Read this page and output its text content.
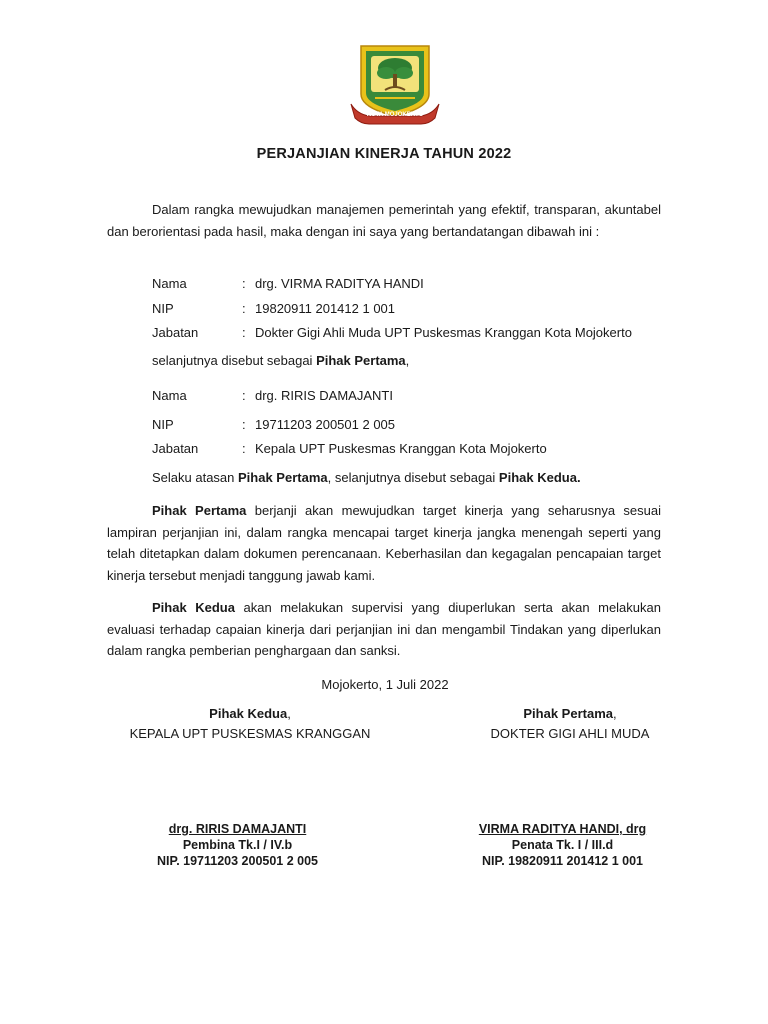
KOTA MOJOKERTO
PERJANJIAN KINERJA TAHUN 2022
Dalam rangka mewujudkan manajemen pemerintah yang efektif, transparan, akuntabel dan berorientasi pada hasil, maka dengan ini saya yang bertandatangan dibawah ini :
Nama	: drg. VIRMA RADITYA HANDI
NIP	: 19820911 201412 1 001
Jabatan	: Dokter Gigi Ahli Muda UPT Puskesmas Kranggan Kota Mojokerto
selanjutnya disebut sebagai Pihak Pertama,
Nama	: drg. RIRIS DAMAJANTI
NIP	: 19711203 200501 2 005
Jabatan	: Kepala UPT Puskesmas Kranggan Kota Mojokerto
Selaku atasan Pihak Pertama, selanjutnya disebut sebagai Pihak Kedua.
Pihak Pertama berjanji akan mewujudkan target kinerja yang seharusnya sesuai lampiran perjanjian ini, dalam rangka mencapai target kinerja jangka menengah seperti yang telah ditetapkan dalam dokumen perencanaan. Keberhasilan dan kegagalan pencapaian target kinerja tersebut menjadi tanggung jawab kami.
Pihak Kedua akan melakukan supervisi yang diuperlukan serta akan melakukan evaluasi terhadap capaian kinerja dari perjanjian ini dan mengambil Tindakan yang diperlukan dalam rangka pemberian penghargaan dan sanksi.
Mojokerto, 1 Juli 2022
Pihak Kedua,
KEPALA UPT PUSKESMAS KRANGGAN
drg. RIRIS DAMAJANTI
Pembina Tk.I / IV.b
NIP. 19711203 200501 2 005
Pihak Pertama,
DOKTER GIGI AHLI MUDA
VIRMA RADITYA HANDI, drg
Penata Tk. I / III.d
NIP. 19820911 201412 1 001
